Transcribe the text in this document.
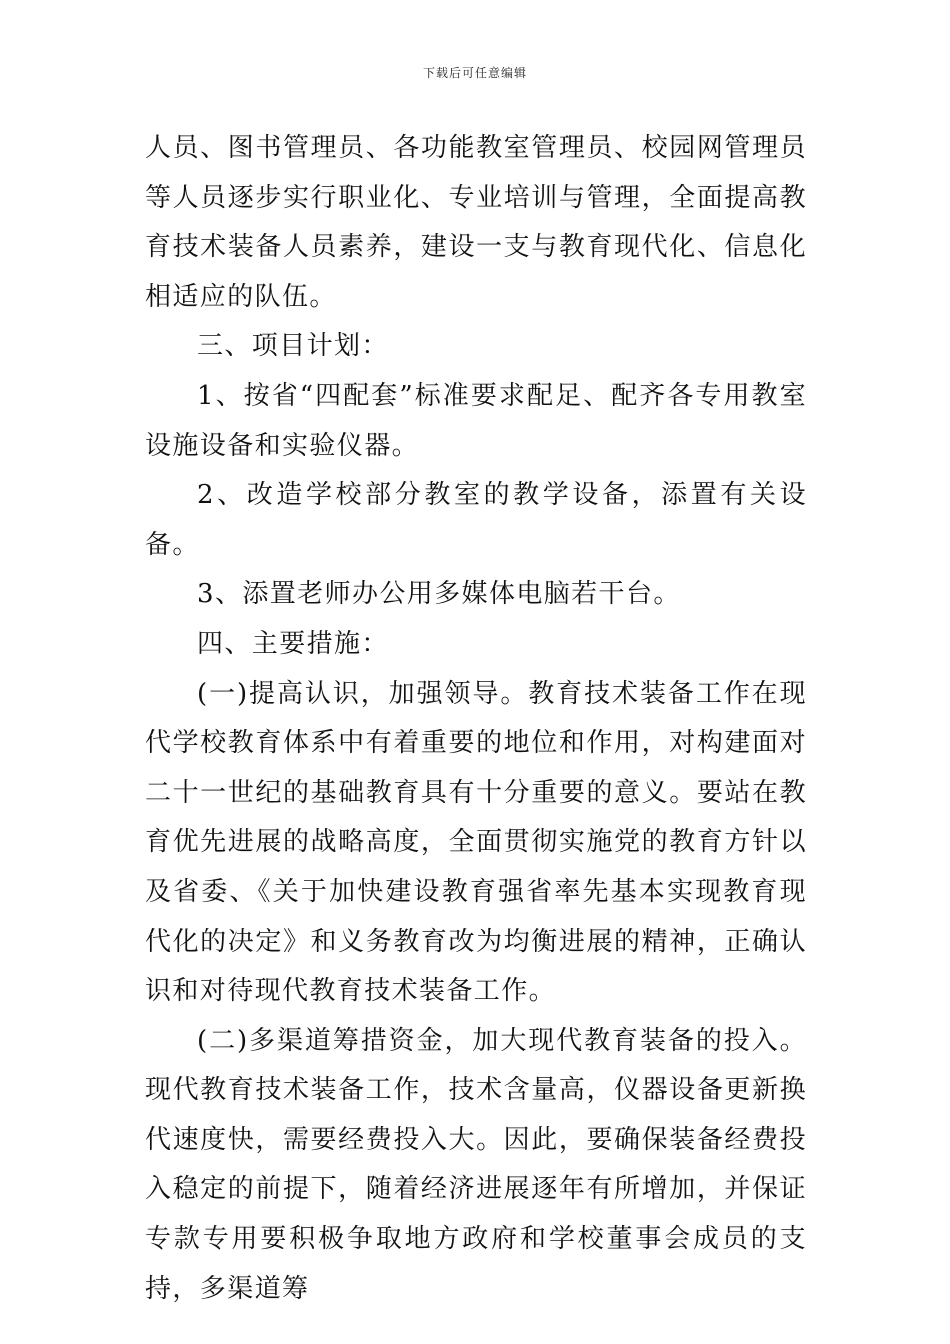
下载后可任意编辑

人员、图书管理员、各功能教室管理员、校园网管理员等人员逐步实行职业化、专业培训与管理，全面提高教育技术装备人员素养，建设一支与教育现代化、信息化相适应的队伍。

三、项目计划：

1、按省“四配套”标准要求配足、配齐各专用教室设施设备和实验仪器。

2、改造学校部分教室的教学设备，添置有关设备。

3、添置老师办公用多媒体电脑若干台。

四、主要措施：

(一)提高认识，加强领导。教育技术装备工作在现代学校教育体系中有着重要的地位和作用，对构建面对二十一世纪的基础教育具有十分重要的意义。要站在教育优先进展的战略高度，全面贯彻实施党的教育方针以及省委、《关于加快建设教育强省率先基本实现教育现代化的决定》和义务教育改为均衡进展的精神，正确认识和对待现代教育技术装备工作。

(二)多渠道筹措资金，加大现代教育装备的投入。现代教育技术装备工作，技术含量高，仪器设备更新换代速度快，需要经费投入大。因此，要确保装备经费投入稳定的前提下，随着经济进展逐年有所增加，并保证专款专用要积极争取地方政府和学校董事会成员的支持，多渠道筹
